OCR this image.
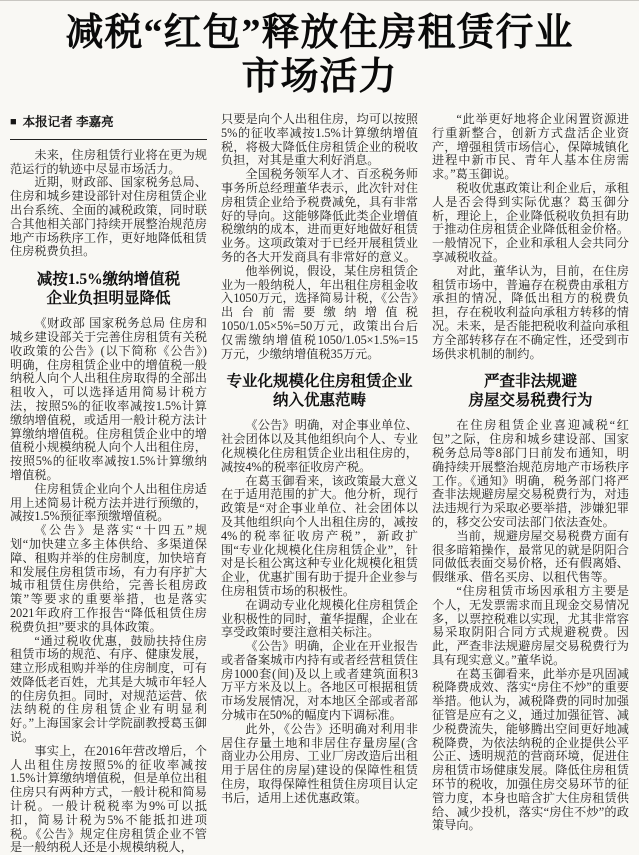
减税“红包”释放住房租赁行业
市场活力
■ 本报记者 李嘉亮

未来，住房租赁行业将在更为规范运行的轨迹中尽显市场活力。

近期，财政部、国家税务总局、住房和城乡建设部针对住房租赁企业出台系统、全面的减税政策，同时联合其他相关部门持续开展整治规范房地产市场秩序工作，更好地降低租赁住房税费负担。

减按1.5%缴纳增值税
企业负担明显降低

《财政部 国家税务总局 住房和城乡建设部关于完善住房租赁有关税收政策的公告》(以下简称《公告》)明确，住房租赁企业中的增值税一般纳税人向个人出租住房取得的全部出租收入，可以选择适用简易计税方法，按照5%的征收率减按1.5%计算缴纳增值税，或适用一般计税方法计算缴纳增值税。住房租赁企业中的增值税小规模纳税人向个人出租住房，按照5%的征收率减按1.5%计算缴纳增值税。

住房租赁企业向个人出租住房适用上述简易计税方法并进行预缴的，减按1.5%预征率预缴增值税。

《公告》是落实“十四五”规划“加快建立多主体供给、多渠道保障、租购并举的住房制度，加快培育和发展住房租赁市场，有力有序扩大城市租赁住房供给，完善长租房政策”等要求的重要举措，也是落实2021年政府工作报告“降低租赁住房税费负担”要求的具体政策。

“通过税收优惠，鼓励扶持住房租赁市场的规范、有序、健康发展，建立形成租购并举的住房制度，可有效降低老百姓，尤其是大城市年轻人的住房负担。同时，对规范运营、依法纳税的住房租赁企业有明显利好。”上海国家会计学院副教授葛玉御说。

事实上，在2016年营改增后，个人出租住房按照5%的征收率减按1.5%计算缴纳增值税，但是单位出租住房只有两种方式，一般计税和简易计税。一般计税税率为9%可以抵扣，简易计税为5%不能抵扣进项税。《公告》规定住房租赁企业不管是一般纳税人还是小规模纳税人，

只要是向个人出租住房，均可以按照5%的征收率减按1.5%计算缴纳增值税，将极大降低住房租赁企业的税收负担，对其是重大利好消息。

全国税务领军人才、百丞税务师事务所总经理董华表示，此次针对住房租赁企业给予税费减免，具有非常好的导向。这能够降低此类企业增值税缴纳的成本，进而更好地做好租赁业务。这项政策对于已经开展租赁业务的各大开发商具有非常好的意义。

他举例说，假设，某住房租赁企业为一般纳税人，年出租住房租金收入1050万元，选择简易计税，《公告》出台前需要缴纳增值税1050/1.05×5%=50万元，政策出台后仅需缴纳增值税1050/1.05×1.5%=15万元，少缴纳增值税35万元。

专业化规模化住房租赁企业
纳入优惠范畴

《公告》明确，对企事业单位、社会团体以及其他组织向个人、专业化规模化住房租赁企业出租住房的，减按4%的税率征收房产税。

在葛玉御看来，该政策最大意义在于适用范围的扩大。他分析，现行政策是“对企事业单位、社会团体以及其他组织向个人出租住房的，减按4%的税率征收房产税”，新政扩围“专业化规模化住房租赁企业”，针对是长租公寓这种专业化规模化租赁企业，优惠扩围有助于提升企业参与住房租赁市场的积极性。

在调动专业化规模化住房租赁企业积极性的同时，董华提醒，企业在享受政策时要注意相关标注。

《公告》明确，企业在开业报告或者备案城市内持有或者经营租赁住房1000套(间)及以上或者建筑面积3万平方米及以上。各地区可根据租赁市场发展情况，对本地区全部或者部分城市在50%的幅度内下调标准。

此外，《公告》还明确对利用非居住存量土地和非居住存量房屋(含商业办公用房、工业厂房改造后出租用于居住的房屋)建设的保障性租赁住房，取得保障性租赁住房项目认定书后，适用上述优惠政策。

“此举更好地将企业闲置资源进行重新整合，创新方式盘活企业资产，增强租赁市场信心，保障城镇化进程中新市民、青年人基本住房需求。”葛玉御说。

税收优惠政策让利企业后，承租人是否会得到实际优惠？葛玉御分析，理论上，企业降低税收负担有助于推动住房租赁企业降低租金价格。一般情况下，企业和承租人会共同分享减税收益。

对此，董华认为，目前，在住房租赁市场中，普遍存在税费由承租方承担的情况，降低出租方的税费负担，存在税收利益向承租方转移的情况。未来，是否能把税收利益向承租方全部转移存在不确定性，还受到市场供求机制的制约。

严查非法规避
房屋交易税费行为

在住房租赁企业喜迎减税“红包”之际，住房和城乡建设部、国家税务总局等8部门日前发布通知，明确持续开展整治规范房地产市场秩序工作。《通知》明确，税务部门将严查非法规避房屋交易税费行为，对违法违规行为采取必要举措，涉嫌犯罪的，移交公安司法部门依法查处。

当前，规避房屋交易税费方面有很多暗箱操作，最常见的就是阴阳合同做低表面交易价格，还有假离婚、假继承、借名买房、以租代售等。

“住房租赁市场因承租方主要是个人，无发票需求而且现金交易情况多，以票控税难以实现，尤其非常容易采取阴阳合同方式规避税费。因此，严查非法规避房屋交易税费行为具有现实意义。”董华说。

在葛玉御看来，此举亦是巩固减税降费成效、落实“房住不炒”的重要举措。他认为，减税降费的同时加强征管是应有之义，通过加强征管、减少税费流失，能够腾出空间更好地减税降费，为依法纳税的企业提供公平公正、透明规范的营商环境，促进住房租赁市场健康发展。降低住房租赁环节的税收，加强住房交易环节的征管力度，本身也暗含扩大住房租赁供给、减少投机，落实“房住不炒”的政策导向。
